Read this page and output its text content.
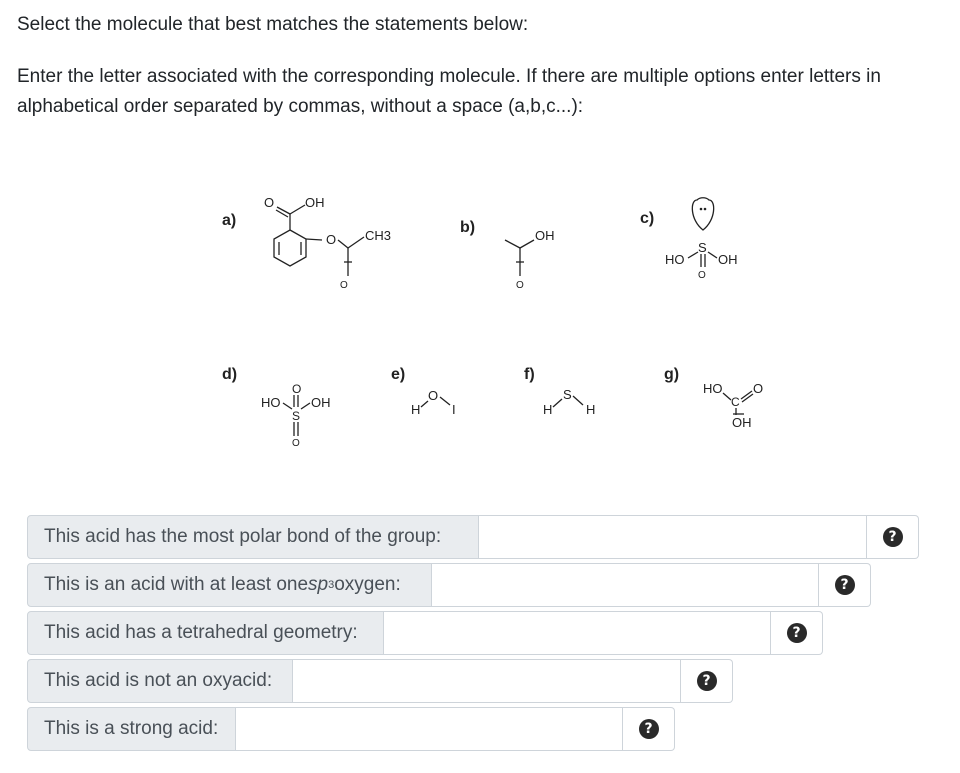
Select the molecule that best matches the statements below:

Enter the letter associated with the corresponding molecule. If there are multiple options enter letters in alphabetical order separated by commas, without a space (a,b,c...):

a)
O OH
O CH3
O
b)	OH
O
c)
S
HO	OH
O
d)
O
HO OH
S
O
e)
H
O
I
f)
H
S
H
g)
HO
C
O
OH
This acid has the most polar bond of the group:	?
This is an acid with at least one sp 3 oxygen:	?
This acid has a tetrahedral geometry:	?
This acid is not an oxyacid:	?
This is a strong acid:	?
